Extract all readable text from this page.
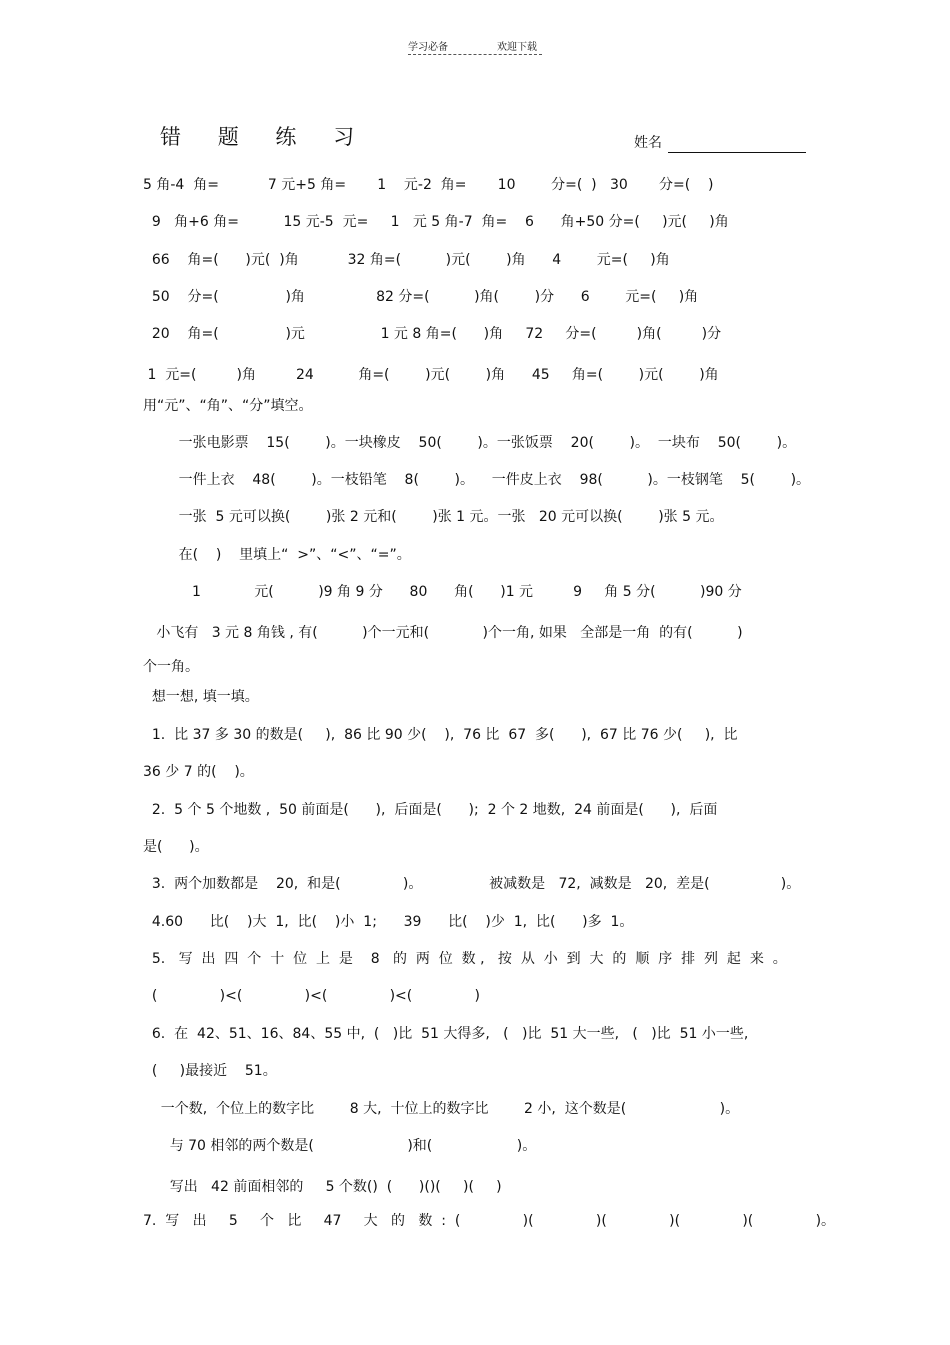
学习必备	欢迎下载
错    题    练    习	姓名
5 角-4  角=           7 元+5 角=       1    元-2  角=       10        分=(  )   30       分=(    )
9   角+6 角=          15 元-5  元=     1   元 5 角-7  角=    6      角+50 分=(     )元(     )角
66    角=(      )元(  )角           32 角=(          )元(        )角      4        元=(     )角
50    分=(               )角                82 分=(          )角(        )分      6        元=(     )角
20    角=(               )元                 1 元 8 角=(      )角     72     分=(         )角(         )分
1  元=(         )角         24          角=(        )元(        )角      45     角=(        )元(        )角
用“元”、“角”、“分”填空。
一张电影票    15(        )。一块橡皮    50(        )。一张饭票    20(        )。  一块布    50(        )。
一件上衣    48(        )。一枝铅笔    8(        )。    一件皮上衣    98(          )。一枝钢笔    5(        )。
一张  5 元可以换(        )张 2 元和(        )张 1 元。一张   20 元可以换(        )张 5 元。
在(    )    里填上“  >”、“<”、“=”。
1            元(          )9 角 9 分      80      角(      )1 元         9     角 5 分(          )90 分
小飞有   3 元 8 角钱 , 有(          )个一元和(            )个一角, 如果   全部是一角  的有(          )
个一角。
想一想, 填一填。
1.  比 37 多 30 的数是(     ),  86 比 90 少(    ),  76 比  67  多(      ),  67 比 76 少(     ),  比
36 少 7 的(    )。
2.  5 个 5 个地数 ,  50 前面是(      ),  后面是(      );  2 个 2 地数,  24 前面是(      ),  后面
是(      )。
3.  两个加数都是    20,  和是(              )。               被减数是   72,  减数是   20,  差是(                )。
4.60      比(    )大  1,  比(    )小  1;      39      比(    )少  1,  比(      )多  1。
5.   写  出  四  个  十  位  上  是    8   的  两  位  数 ,   按  从  小  到  大  的  顺  序  排  列  起  来  。
(              )<(              )<(              )<(              )
6.  在  42、51、16、84、55 中,  (   )比  51 大得多,   (   )比  51 大一些,   (   )比  51 小一些,
(     )最接近    51。
一个数,  个位上的数字比        8 大,  十位上的数字比        2 小,  这个数是(                     )。
与 70 相邻的两个数是(                     )和(                   )。
写出   42 前面相邻的     5 个数()  (      )()(     )(     )
7.  写   出     5     个   比     47     大   的   数  :  (              )(              )(              )(              )(              )。
